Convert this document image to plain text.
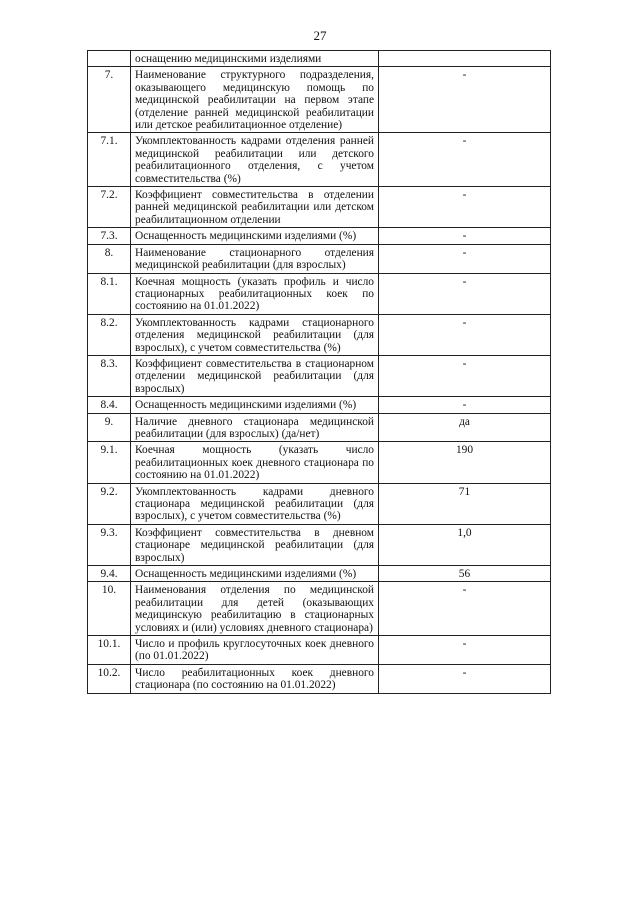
27
	оснащению медицинскими изделиями	
7.	Наименование структурного подразделения, оказывающего медицинскую помощь по медицинской реабилитации на первом этапе (отделение ранней медицинской реабилитации или детское реабилитационное отделение)	-
7.1.	Укомплектованность кадрами отделения ранней медицинской реабилитации или детского реабилитационного отделения, с учетом совместительства (%)	-
7.2.	Коэффициент совместительства в отделении ранней медицинской реабилитации или детском реабилитационном отделении	-
7.3.	Оснащенность медицинскими изделиями (%)	-
8.	Наименование стационарного отделения медицинской реабилитации (для взрослых)	-
8.1.	Коечная мощность (указать профиль и число стационарных реабилитационных коек по состоянию на 01.01.2022)	-
8.2.	Укомплектованность кадрами стационарного отделения медицинской реабилитации (для взрослых), с учетом совместительства (%)	-
8.3.	Коэффициент совместительства в стационарном отделении медицинской реабилитации (для взрослых)	-
8.4.	Оснащенность медицинскими изделиями (%)	-
9.	Наличие дневного стационара медицинской реабилитации (для взрослых) (да/нет)	да
9.1.	Коечная мощность (указать число реабилитационных коек дневного стационара по состоянию на 01.01.2022)	190
9.2.	Укомплектованность кадрами дневного стационара медицинской реабилитации (для взрослых), с учетом совместительства (%)	71
9.3.	Коэффициент совместительства в дневном стационаре медицинской реабилитации (для взрослых)	1,0
9.4.	Оснащенность медицинскими изделиями (%)	56
10.	Наименования отделения по медицинской реабилитации для детей (оказывающих медицинскую реабилитацию в стационарных условиях и (или) условиях дневного стационара)	-
10.1.	Число и профиль круглосуточных коек дневного (по 01.01.2022)	-
10.2.	Число реабилитационных коек дневного стационара (по состоянию на 01.01.2022)	-
